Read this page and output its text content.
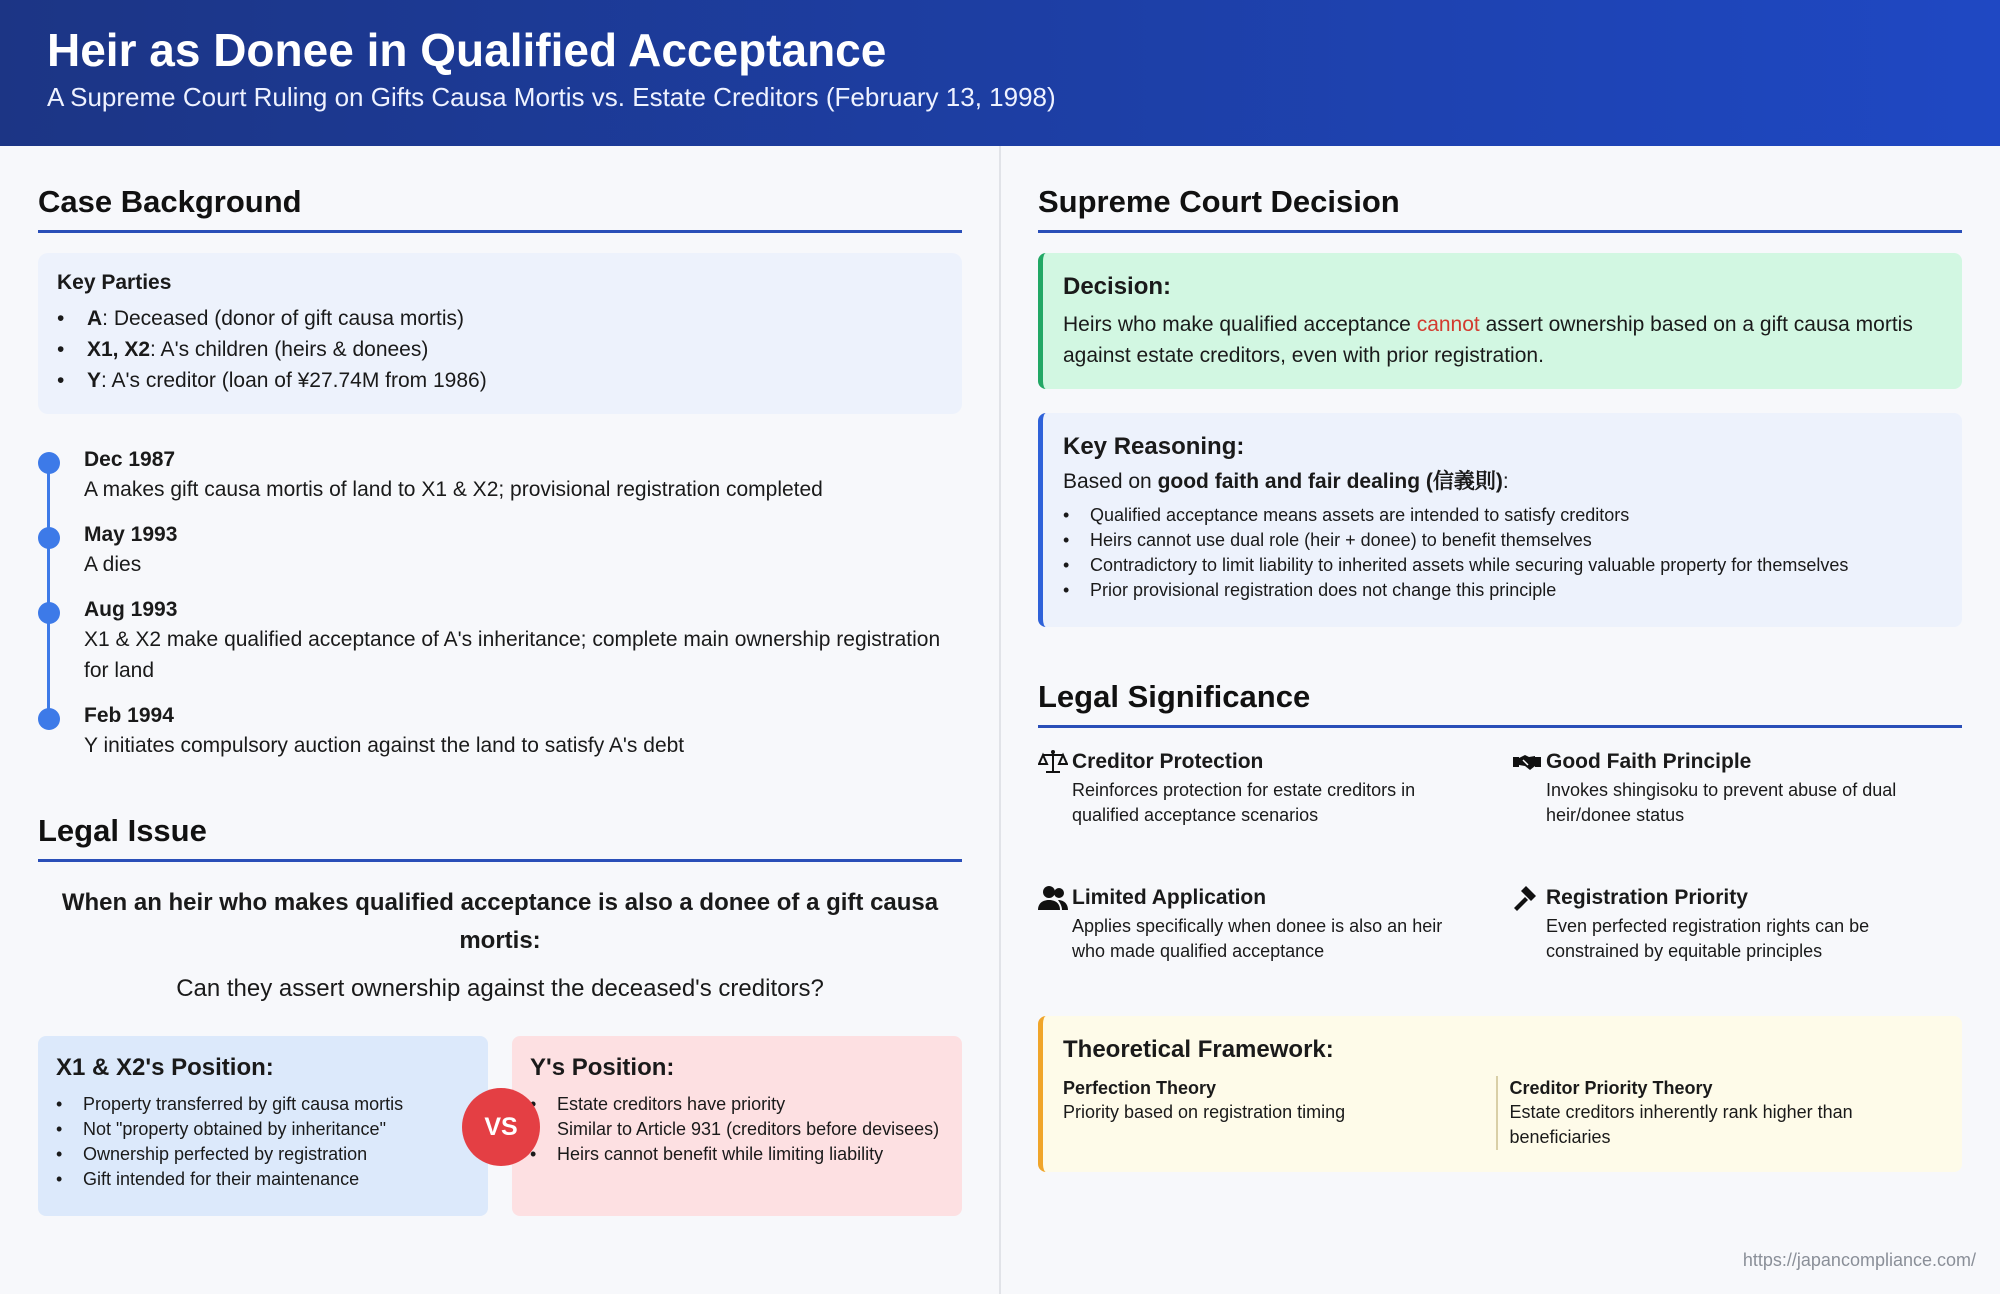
Heir as Donee in Qualified Acceptance
A Supreme Court Ruling on Gifts Causa Mortis vs. Estate Creditors (February 13, 1998)
Case Background
Key Parties
• A: Deceased (donor of gift causa mortis)
• X1, X2: A's children (heirs & donees)
• Y: A's creditor (loan of ¥27.74M from 1986)
Dec 1987
A makes gift causa mortis of land to X1 & X2; provisional registration completed
May 1993
A dies
Aug 1993
X1 & X2 make qualified acceptance of A's inheritance; complete main ownership registration for land
Feb 1994
Y initiates compulsory auction against the land to satisfy A's debt
Legal Issue
When an heir who makes qualified acceptance is also a donee of a gift causa mortis:
Can they assert ownership against the deceased's creditors?
X1 & X2's Position:
• Property transferred by gift causa mortis
• Not "property obtained by inheritance"
• Ownership perfected by registration
• Gift intended for their maintenance
VS
Y's Position:
• Estate creditors have priority
• Similar to Article 931 (creditors before devisees)
• Heirs cannot benefit while limiting liability
Supreme Court Decision
Decision:
Heirs who make qualified acceptance cannot assert ownership based on a gift causa mortis against estate creditors, even with prior registration.
Key Reasoning:
Based on good faith and fair dealing (信義則):
• Qualified acceptance means assets are intended to satisfy creditors
• Heirs cannot use dual role (heir + donee) to benefit themselves
• Contradictory to limit liability to inherited assets while securing valuable property for themselves
• Prior provisional registration does not change this principle
Legal Significance
Creditor Protection
Reinforces protection for estate creditors in qualified acceptance scenarios
Good Faith Principle
Invokes shingisoku to prevent abuse of dual heir/donee status
Limited Application
Applies specifically when donee is also an heir who made qualified acceptance
Registration Priority
Even perfected registration rights can be constrained by equitable principles
Theoretical Framework:
Perfection Theory
Priority based on registration timing
Creditor Priority Theory
Estate creditors inherently rank higher than beneficiaries
https://japancompliance.com/
